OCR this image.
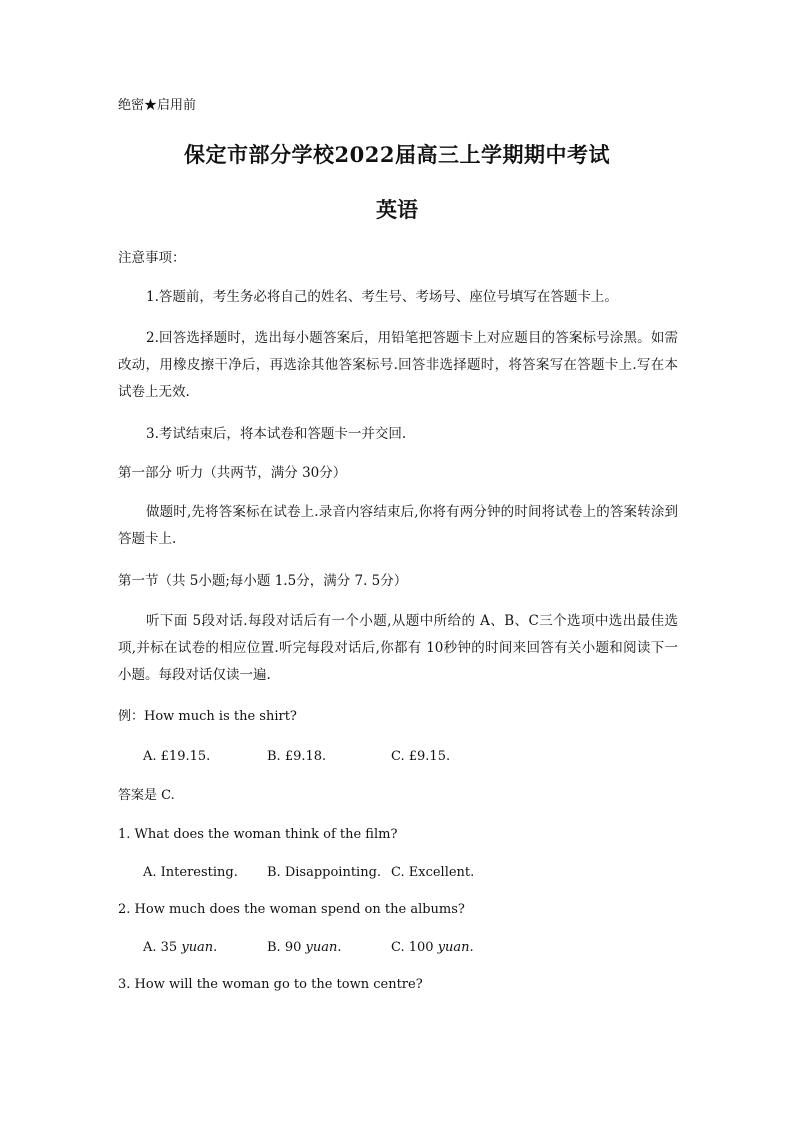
绝密★启用前
保定市部分学校2022届高三上学期期中考试
英语
注意事项：
1.答题前，考生务必将自己的姓名、考生号、考场号、座位号填写在答题卡上。
2.回答选择题时，选出每小题答案后，用铅笔把答题卡上对应题目的答案标号涂黑。如需改动，用橡皮擦干净后，再选涂其他答案标号.回答非选择题时，将答案写在答题卡上.写在本试卷上无效.
3.考试结束后，将本试卷和答题卡一并交回.
第一部分 听力（共两节，满分 30分）
做题时,先将答案标在试卷上.录音内容结束后,你将有两分钟的时间将试卷上的答案转涂到答题卡上.
第一节（共 5小题;每小题 1.5分，满分 7. 5分）
听下面 5段对话.每段对话后有一个小题,从题中所给的 A、B、C三个选项中选出最佳选项,并标在试卷的相应位置.听完每段对话后,你都有 10秒钟的时间来回答有关小题和阅读下一小题。每段对话仅读一遍.
例：How much is the shirt?
A. £19.15.	B. £9.18.	C. £9.15.
答案是 C.
1. What does the woman think of the film?
A. Interesting. B. Disappointing. C. Excellent.
2. How much does the woman spend on the albums?
A. 35 yuan.	B. 90 yuan.	C. 100 yuan.
3. How will the woman go to the town centre?
